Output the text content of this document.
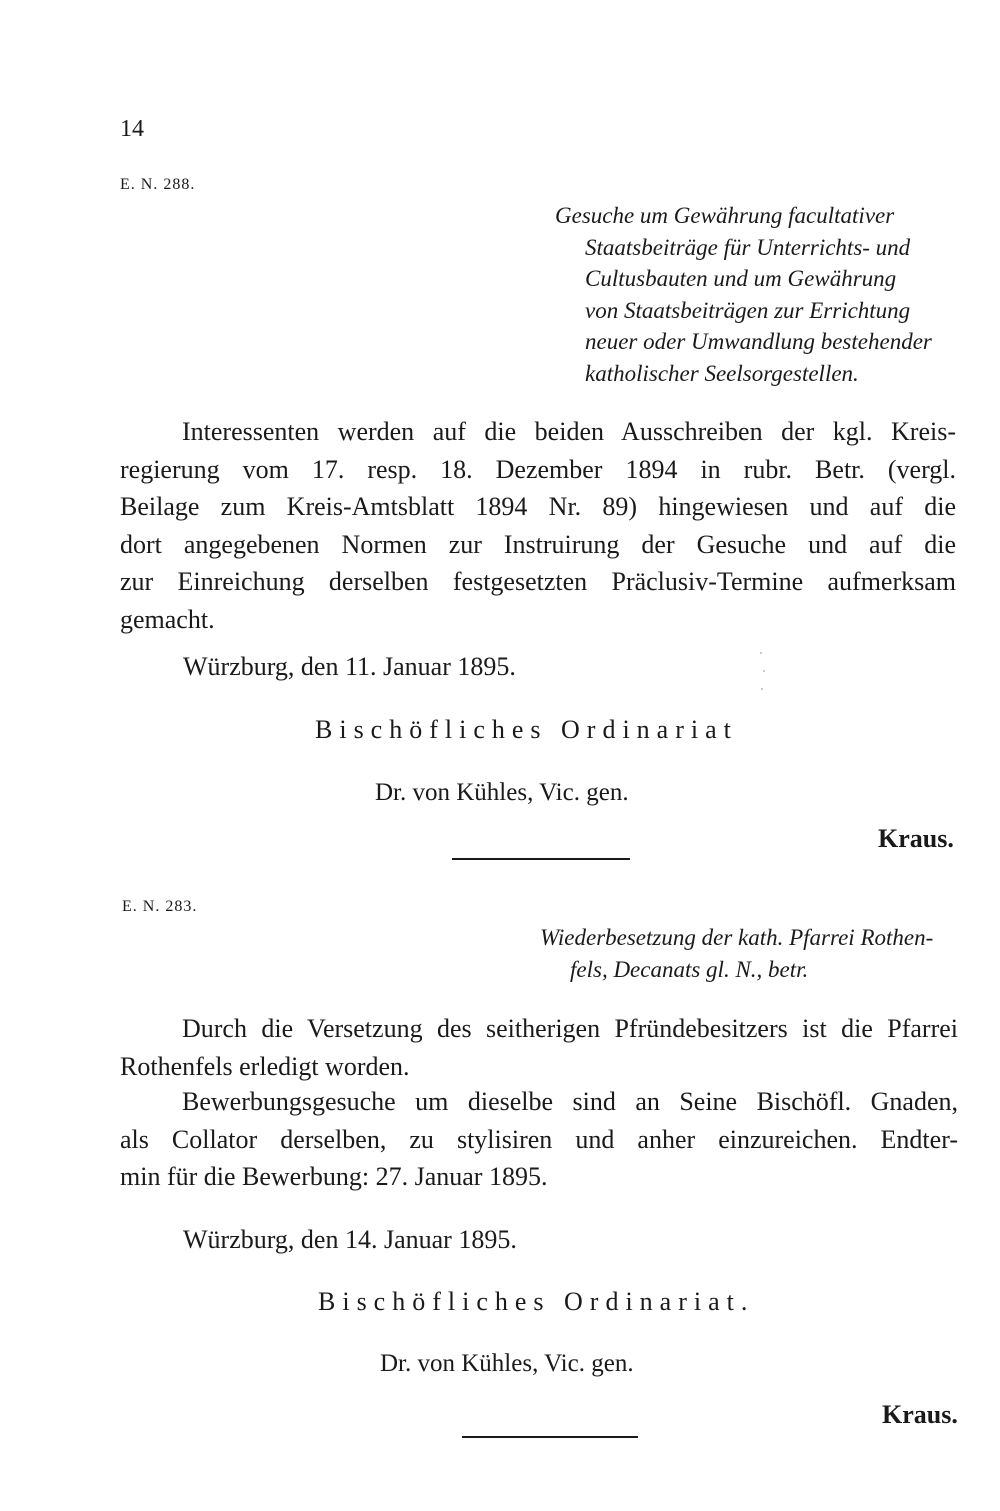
14
E. N. 288.
Gesuche um Gewährung facultativer
Staatsbeiträge für Unterrichts- und
Cultusbauten und um Gewährung
von Staatsbeiträgen zur Errichtung
neuer oder Umwandlung bestehender
katholischer Seelsorgestellen.
Interessenten werden auf die beiden Ausschreiben der kgl. Kreis-
regierung vom 17. resp. 18. Dezember 1894 in rubr. Betr. (vergl.
Beilage zum Kreis-Amtsblatt 1894 Nr. 89) hingewiesen und auf die
dort angegebenen Normen zur Instruirung der Gesuche und auf die
zur Einreichung derselben festgesetzten Präclusiv-Termine aufmerksam
gemacht.
Würzburg, den 11. Januar 1895.
Bischöfliches Ordinariat
Dr. von Kühles, Vic. gen.
Kraus.
E. N. 283.
Wiederbesetzung der kath. Pfarrei Rothen-
fels, Decanats gl. N., betr.
Durch die Versetzung des seitherigen Pfründebesitzers ist die Pfarrei
Rothenfels erledigt worden.
Bewerbungsgesuche um dieselbe sind an Seine Bischöfl. Gnaden,
als Collator derselben, zu stylisiren und anher einzureichen. Endter-
min für die Bewerbung: 27. Januar 1895.
Würzburg, den 14. Januar 1895.
Bischöfliches Ordinariat.
Dr. von Kühles, Vic. gen.
Kraus.
